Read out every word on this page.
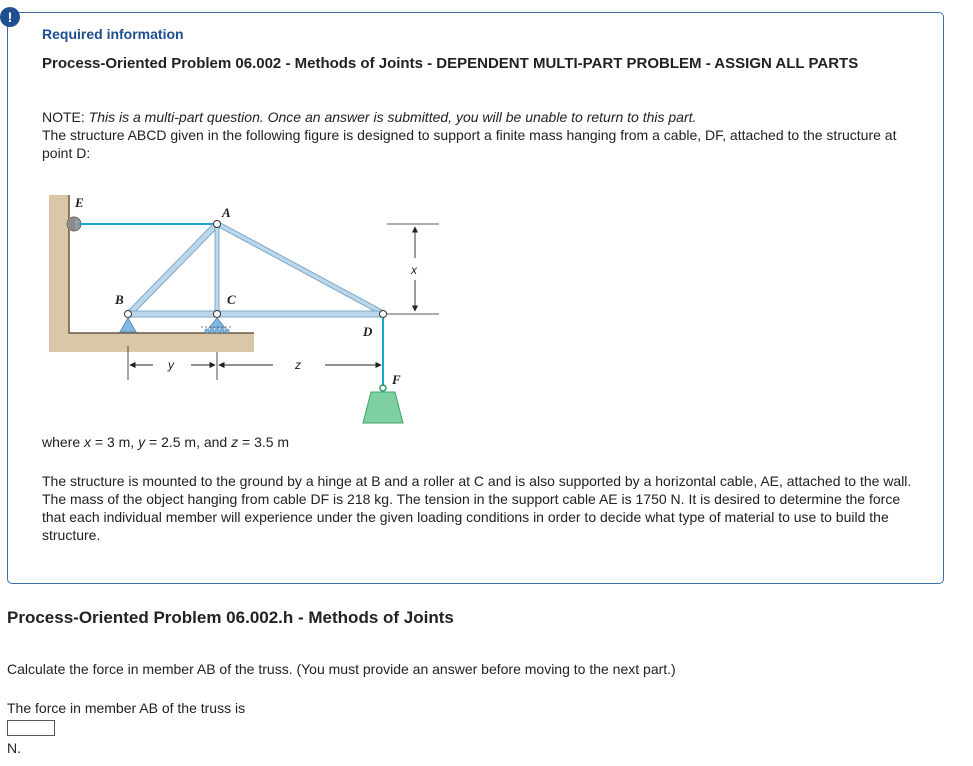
!
Required information
Process-Oriented Problem 06.002 - Methods of Joints - DEPENDENT MULTI-PART PROBLEM - ASSIGN ALL PARTS
NOTE: This is a multi-part question. Once an answer is submitted, you will be unable to return to this part.
The structure ABCD given in the following figure is designed to support a finite mass hanging from a cable, DF, attached to the structure at point D:
E
A
B	C
D
F
x
y	z
where x = 3 m, y = 2.5 m, and z = 3.5 m
The structure is mounted to the ground by a hinge at B and a roller at C and is also supported by a horizontal cable, AE, attached to the wall. The mass of the object hanging from cable DF is 218 kg. The tension in the support cable AE is 1750 N. It is desired to determine the force that each individual member will experience under the given loading conditions in order to decide what type of material to use to build the structure.
Process-Oriented Problem 06.002.h - Methods of Joints
Calculate the force in member AB of the truss. (You must provide an answer before moving to the next part.)
The force in member AB of the truss is
N.
